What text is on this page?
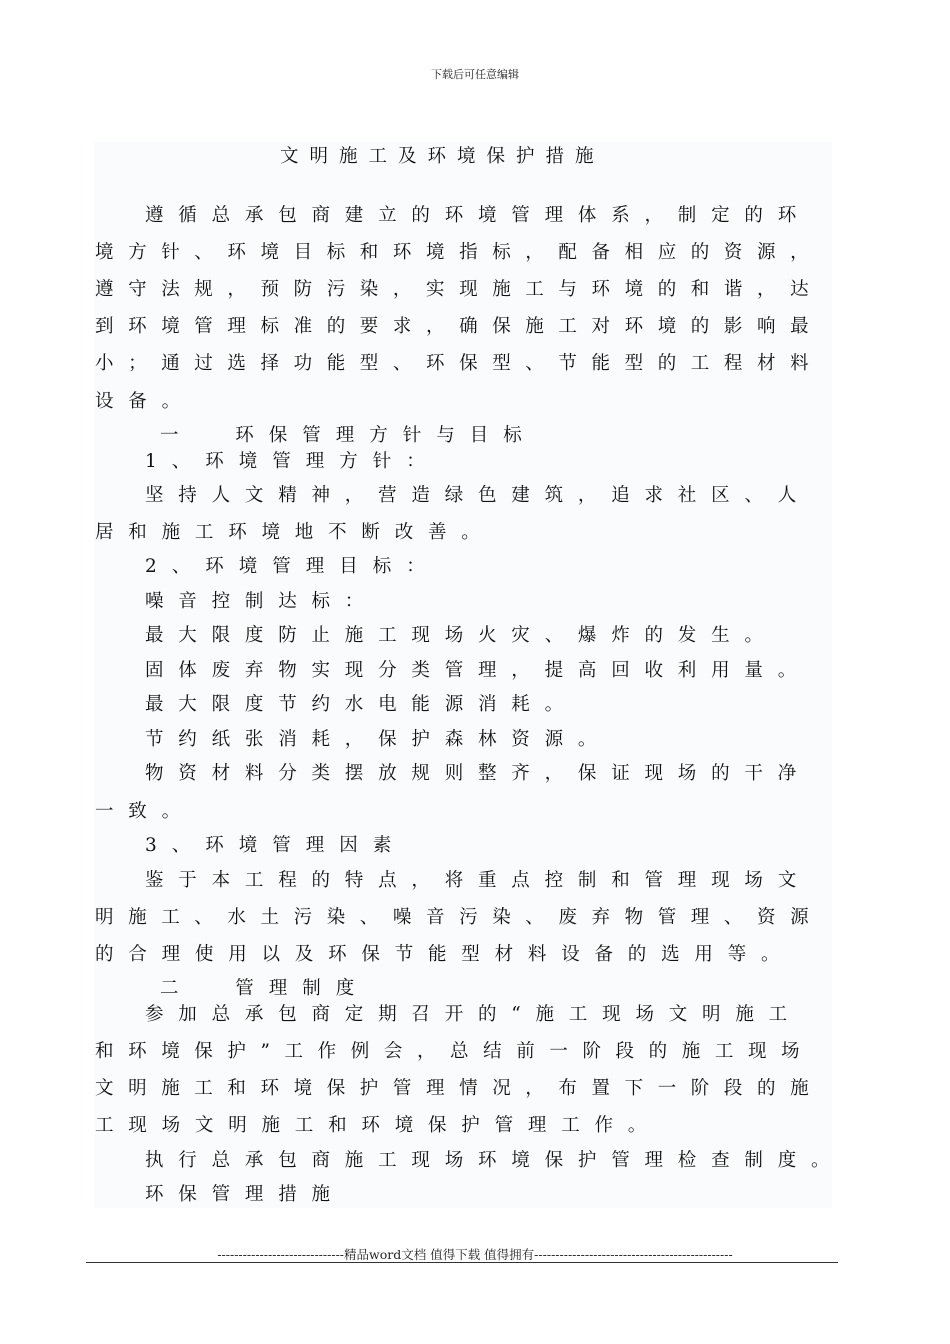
下载后可任意编辑
文明施工及环境保护措施
遵循总承包商建立的环境管理体系，制定的环
境方针、环境目标和环境指标，配备相应的资源，
遵守法规，预防污染，实现施工与环境的和谐，达
到环境管理标准的要求，确保施工对环境的影响最
小；通过选择功能型、环保型、节能型的工程材料
设备。
一  环保管理方针与目标
1、环境管理方针：
坚持人文精神，营造绿色建筑，追求社区、人
居和施工环境地不断改善。
2、环境管理目标：
噪音控制达标：
最大限度防止施工现场火灾、爆炸的发生。
固体废弃物实现分类管理，提高回收利用量。
最大限度节约水电能源消耗。
节约纸张消耗，保护森林资源。
物资材料分类摆放规则整齐，保证现场的干净
一致。
3、环境管理因素
鉴于本工程的特点，将重点控制和管理现场文
明施工、水土污染、噪音污染、废弃物管理、资源
的合理使用以及环保节能型材料设备的选用等。
二  管理制度
参加总承包商定期召开的“施工现场文明施工
和环境保护”工作例会，总结前一阶段的施工现场
文明施工和环境保护管理情况，布置下一阶段的施
工现场文明施工和环境保护管理工作。
执行总承包商施工现场环境保护管理检查制度。
环保管理措施
------------------------------精品word文档 值得下载 值得拥有-----------------------------------------------
